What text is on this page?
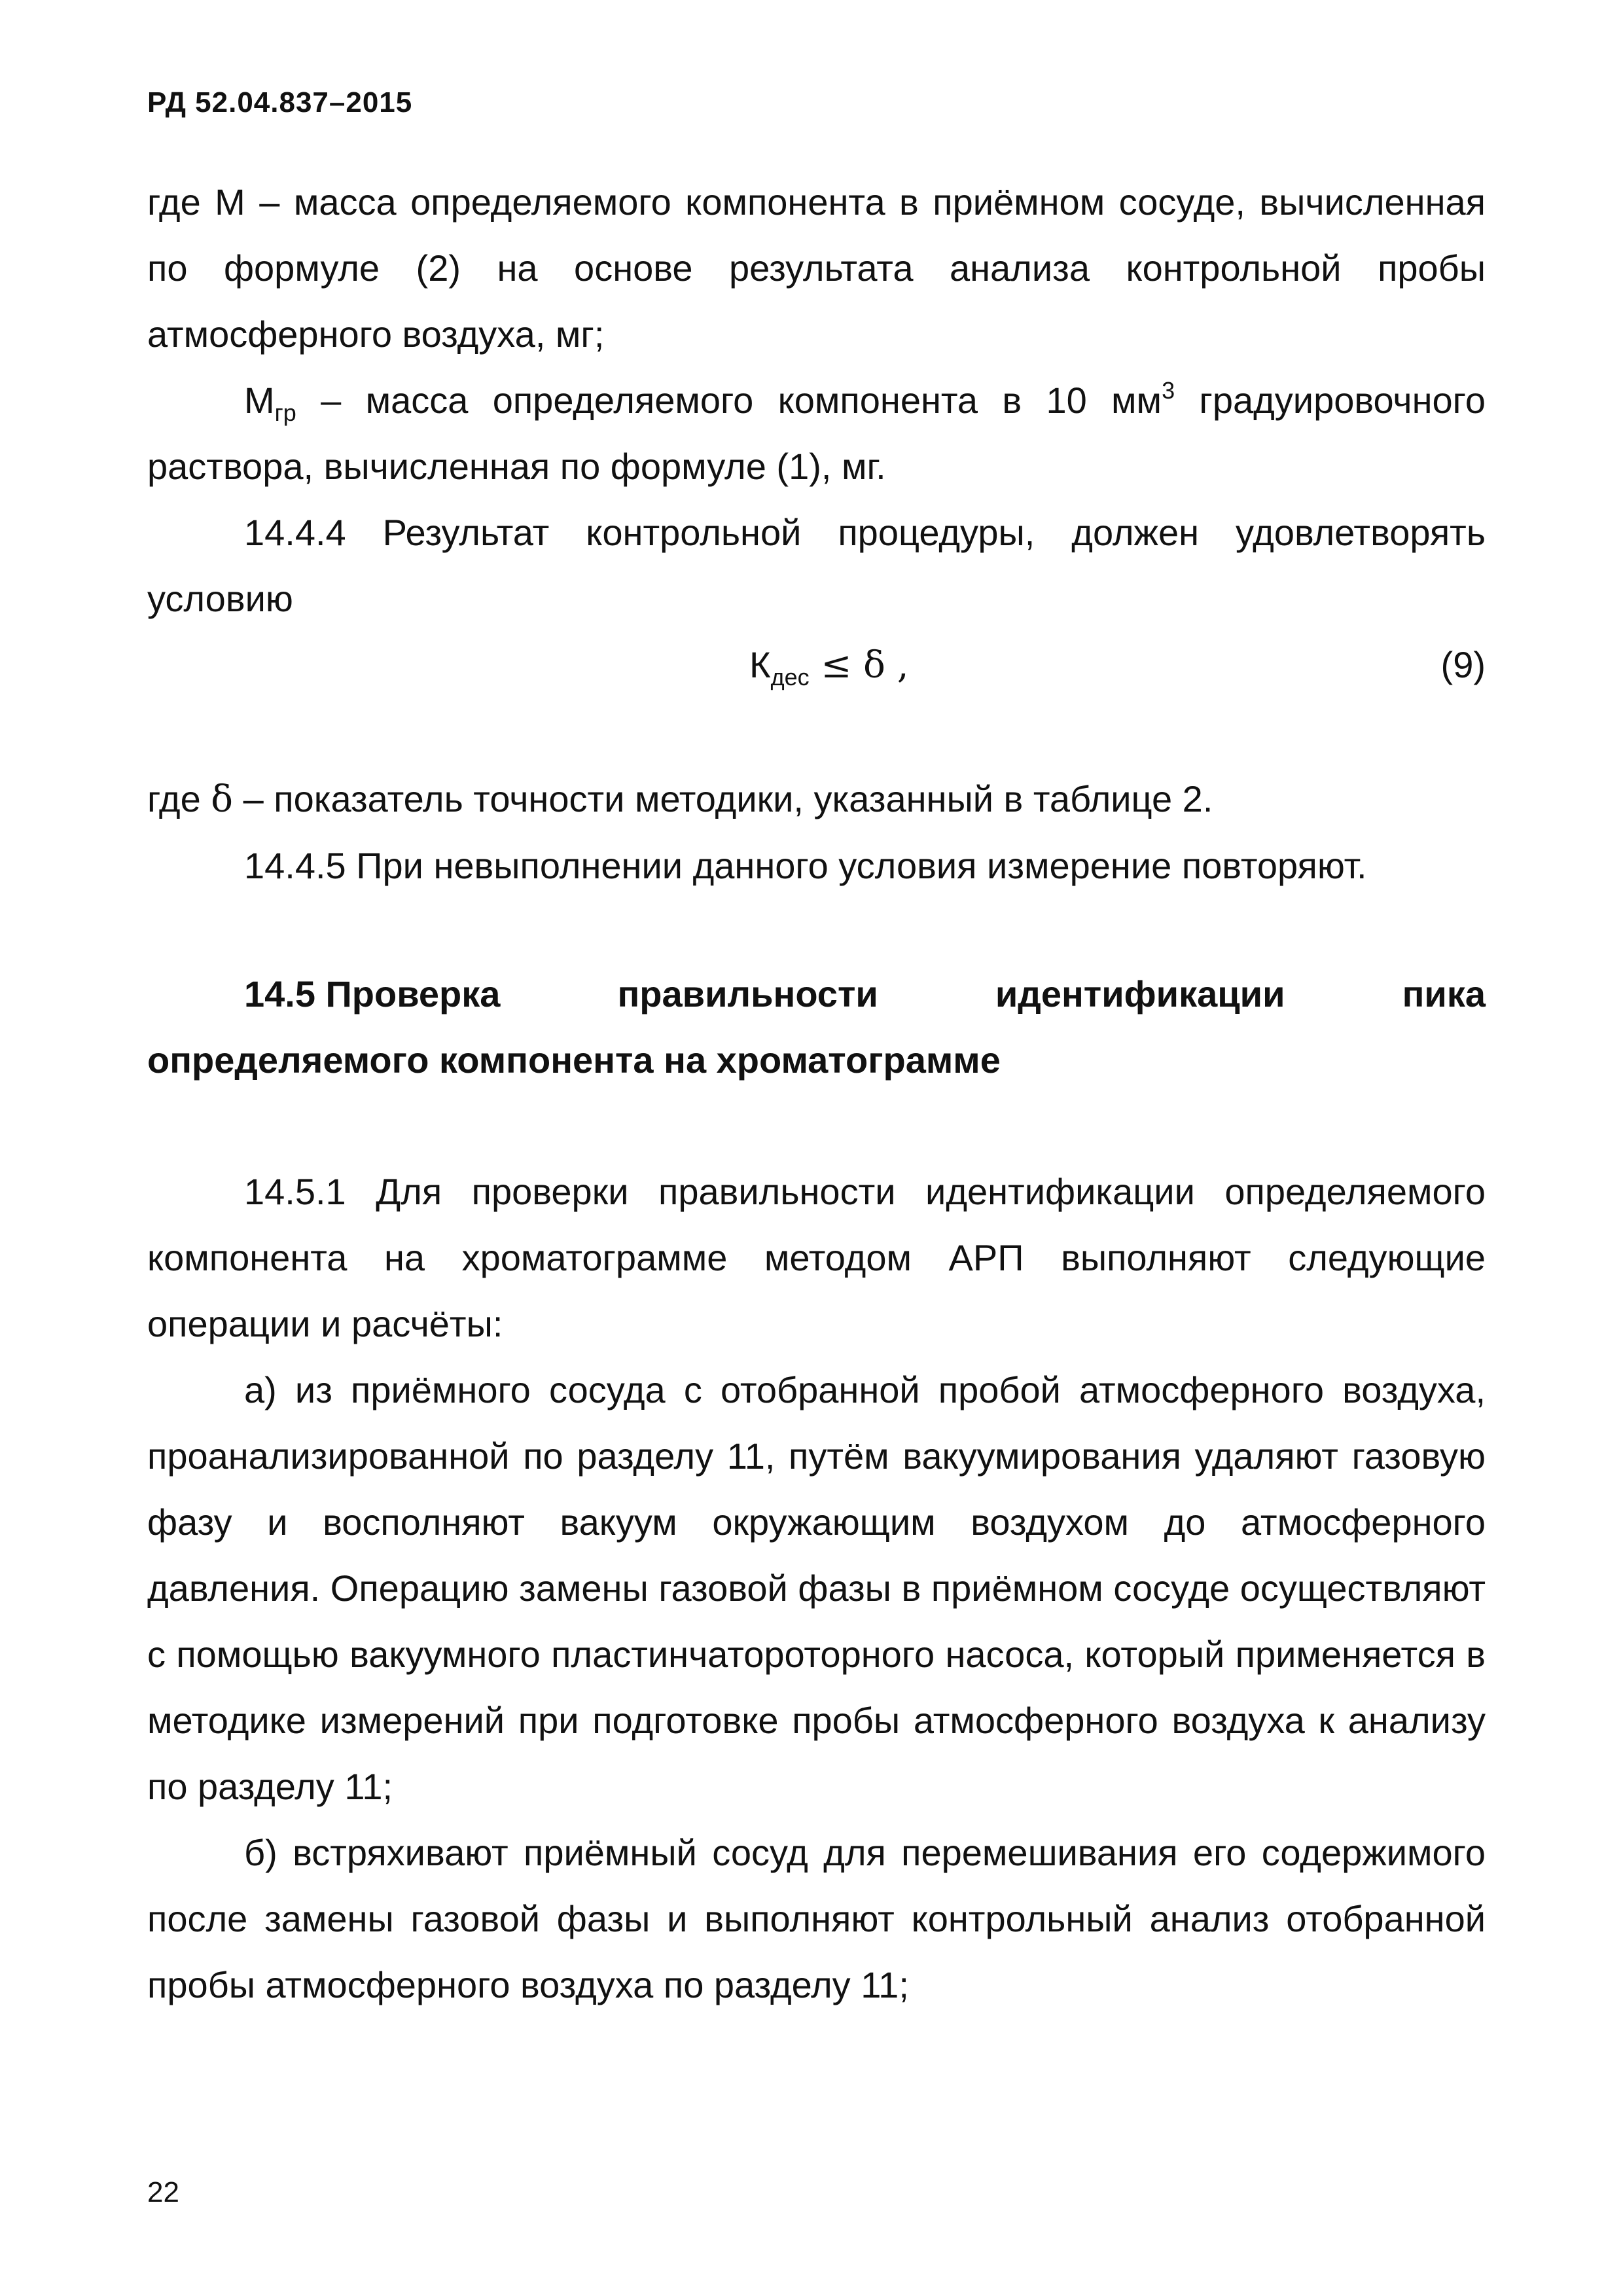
РД 52.04.837–2015

где М – масса определяемого компонента в приёмном сосуде, вычисленная по формуле (2) на основе результата анализа контрольной пробы атмосферного воздуха, мг;

$М_{гр}$ – масса определяемого компонента в 10 $мм^3$ градуировочного раствора, вычисленная по формуле (1), мг.

14.4.4 Результат контрольной процедуры, должен удовлетворять условию

$К_{дес} \le \delta$ ,	(9)

где δ – показатель точности методики, указанный в таблице 2.

14.4.5 При невыполнении данного условия измерение повторяют.

14.5 Проверка	правильности	идентификации	пика
определяемого компонента на хроматограмме

14.5.1 Для проверки правильности идентификации определяемого компонента на хроматограмме методом АРП выполняют следующие операции и расчёты:

а) из приёмного сосуда с отобранной пробой атмосферного воздуха, проанализированной по разделу 11, путём вакуумирования удаляют газовую фазу и восполняют вакуум окружающим воздухом до атмосферного давления. Операцию замены газовой фазы в приёмном сосуде осуществляют с помощью вакуумного пластинчатороторного насоса, который применяется в методике измерений при подготовке пробы атмосферного воздуха к анализу по разделу 11;

б) встряхивают приёмный сосуд для перемешивания его содержимого после замены газовой фазы и выполняют контрольный анализ отобранной пробы атмосферного воздуха по разделу 11;

22
